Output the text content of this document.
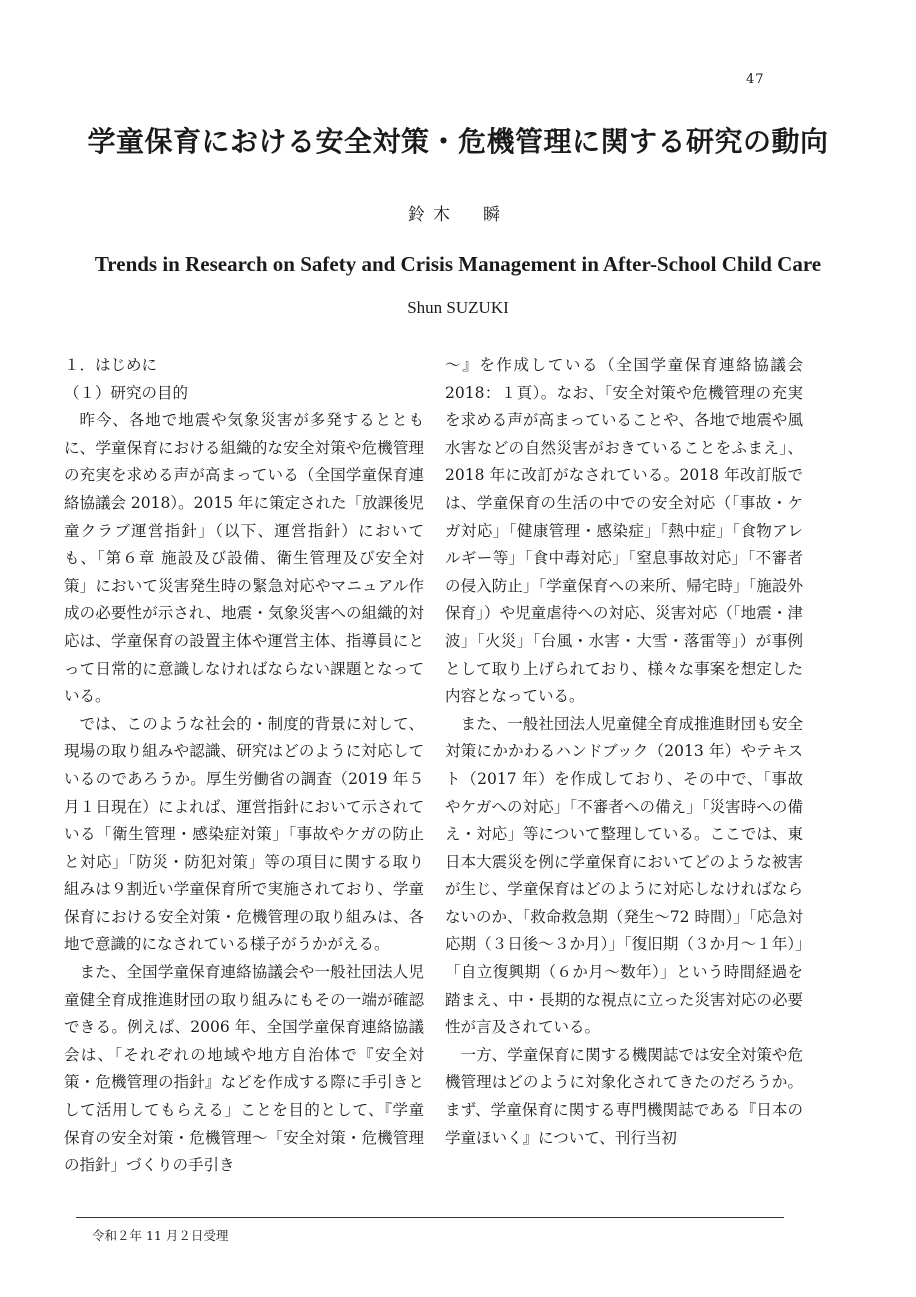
47
学童保育における安全対策・危機管理に関する研究の動向
鈴木　瞬
Trends in Research on Safety and Crisis Management in After-School Child Care
Shun SUZUKI
１．はじめに
（１）研究の目的

昨今、各地で地震や気象災害が多発するとともに、学童保育における組織的な安全対策や危機管理の充実を求める声が高まっている（全国学童保育連絡協議会 2018）。2015 年に策定された「放課後児童クラブ運営指針」（以下、運営指針）においても、「第６章 施設及び設備、衛生管理及び安全対策」において災害発生時の緊急対応やマニュアル作成の必要性が示され、地震・気象災害への組織的対応は、学童保育の設置主体や運営主体、指導員にとって日常的に意識しなければならない課題となっている。

では、このような社会的・制度的背景に対して、現場の取り組みや認識、研究はどのように対応しているのであろうか。厚生労働省の調査（2019 年５月１日現在）によれば、運営指針において示されている「衛生管理・感染症対策」「事故やケガの防止と対応」「防災・防犯対策」等の項目に関する取り組みは９割近い学童保育所で実施されており、学童保育における安全対策・危機管理の取り組みは、各地で意識的になされている様子がうかがえる。

また、全国学童保育連絡協議会や一般社団法人児童健全育成推進財団の取り組みにもその一端が確認できる。例えば、2006 年、全国学童保育連絡協議会は、「それぞれの地域や地方自治体で『安全対策・危機管理の指針』などを作成する際に手引きとして活用してもらえる」ことを目的として、『学童保育の安全対策・危機管理～「安全対策・危機管理の指針」づくりの手引き

～』を作成している（全国学童保育連絡協議会 2018：１頁）。なお、「安全対策や危機管理の充実を求める声が高まっていることや、各地で地震や風水害などの自然災害がおきていることをふまえ」、2018 年に改訂がなされている。2018 年改訂版では、学童保育の生活の中での安全対応（「事故・ケガ対応」「健康管理・感染症」「熱中症」「食物アレルギー等」「食中毒対応」「窒息事故対応」「不審者の侵入防止」「学童保育への来所、帰宅時」「施設外保育」）や児童虐待への対応、災害対応（「地震・津波」「火災」「台風・水害・大雪・落雷等」）が事例として取り上げられており、様々な事案を想定した内容となっている。

また、一般社団法人児童健全育成推進財団も安全対策にかかわるハンドブック（2013 年）やテキスト（2017 年）を作成しており、その中で、「事故やケガへの対応」「不審者への備え」「災害時への備え・対応」等について整理している。ここでは、東日本大震災を例に学童保育においてどのような被害が生じ、学童保育はどのように対応しなければならないのか、「救命救急期（発生～72 時間）」「応急対応期（３日後～３か月）」「復旧期（３か月～１年）」「自立復興期（６か月～数年）」という時間経過を踏まえ、中・長期的な視点に立った災害対応の必要性が言及されている。

一方、学童保育に関する機関誌では安全対策や危機管理はどのように対象化されてきたのだろうか。まず、学童保育に関する専門機関誌である『日本の学童ほいく』について、刊行当初

令和２年 11 月２日受理
